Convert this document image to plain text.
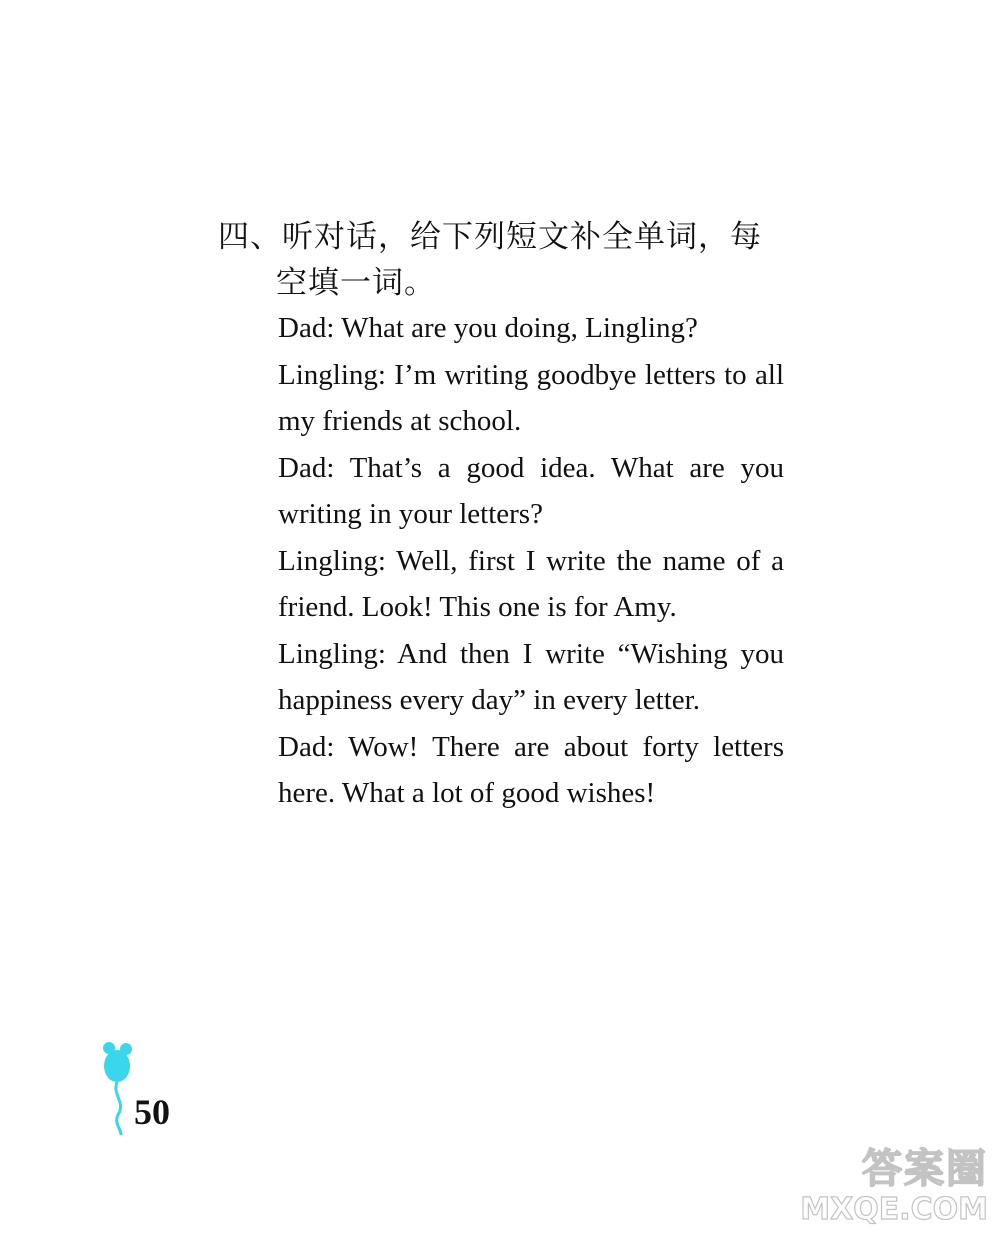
四、听对话，给下列短文补全单词，每
空填一词。

Dad: What are you doing, Lingling?

Lingling: I’m writing goodbye letters to all my friends at school.

Dad: That’s a good idea. What are you writing in your letters?

Lingling: Well, first I write the name of a friend. Look! This one is for Amy.

Lingling: And then I write “Wishing you happiness every day” in every letter.

Dad: Wow! There are about forty letters here. What a lot of good wishes!

50
答案圈
MXQE.COM
